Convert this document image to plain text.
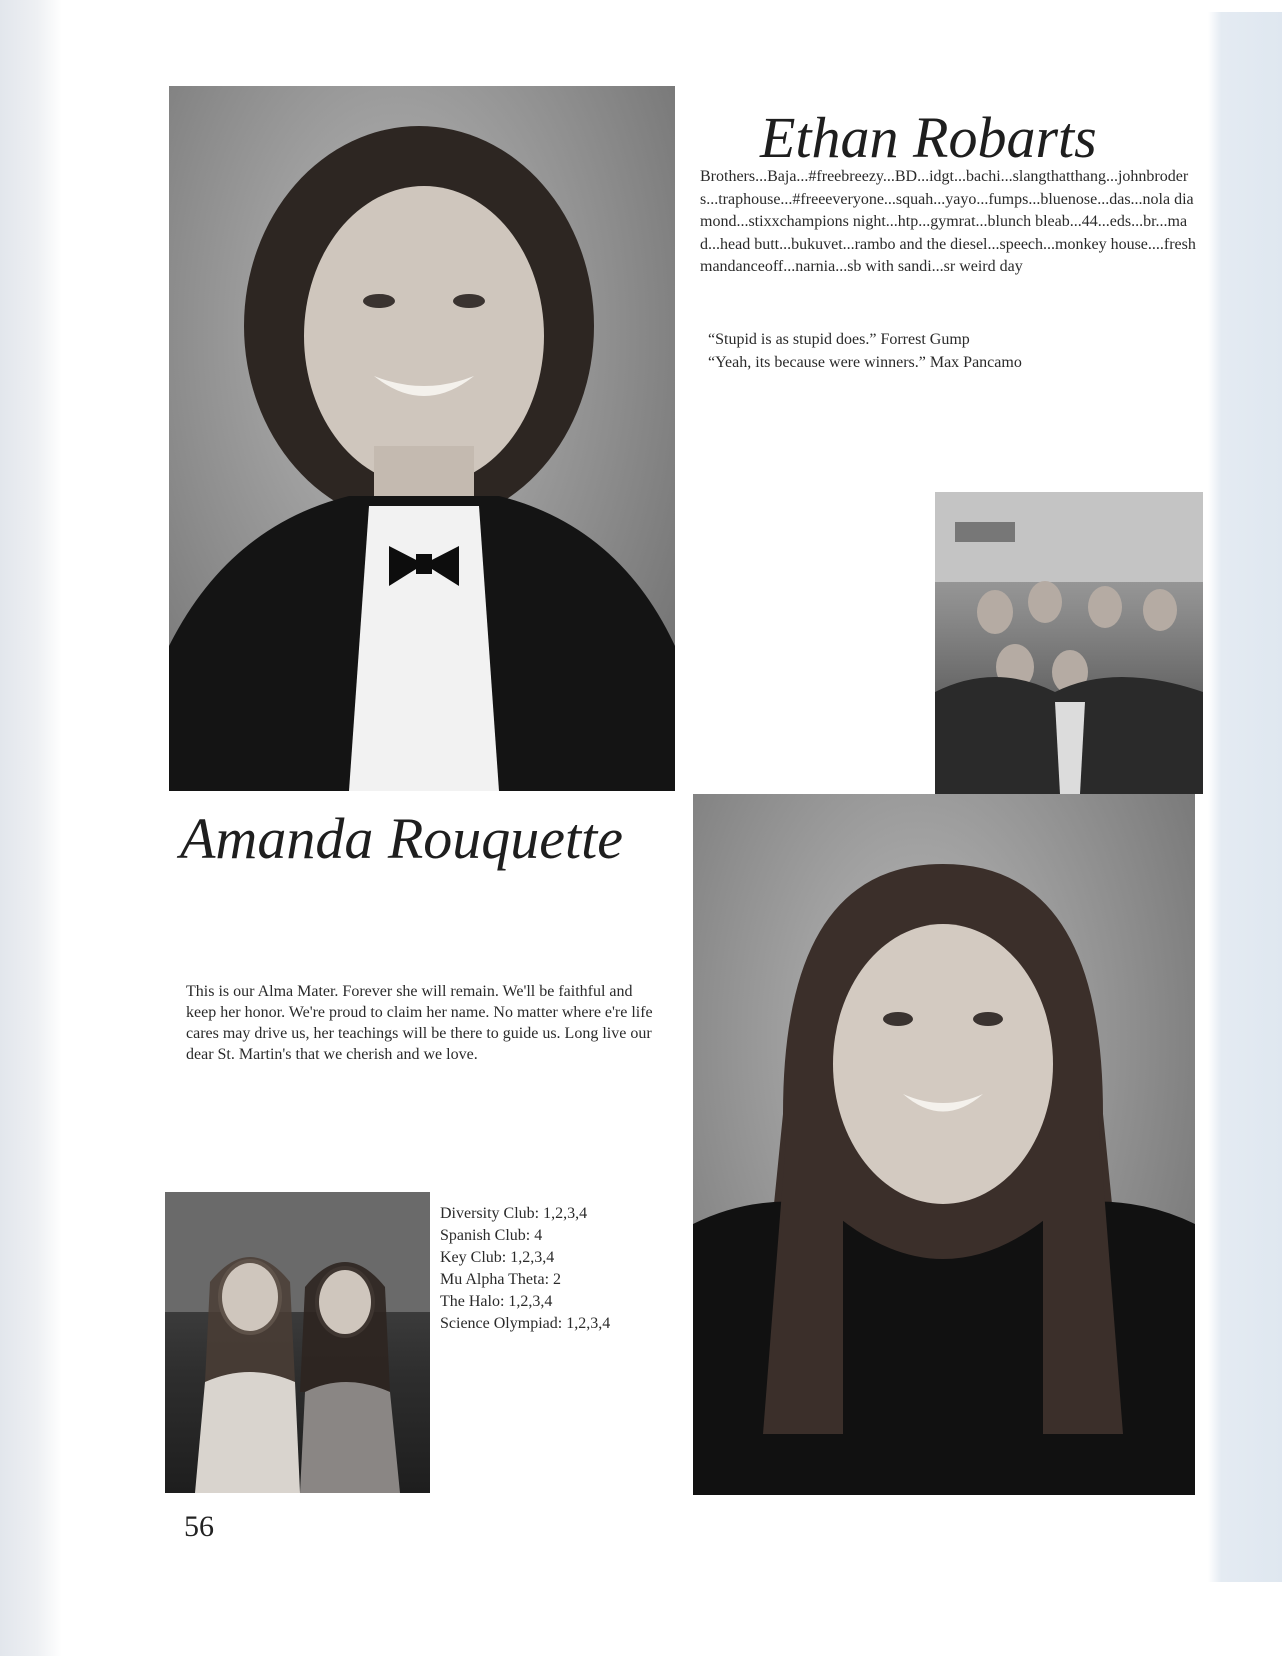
Ethan Robarts

Brothers...Baja...#freebreezy...BD...idgt...bachi...slangthatthang...johnbroders...traphouse...#freeeveryone...squah...yayo...fumps...bluenose...das...nola diamond...stixxchampions night...htp...gymrat...blunch bleab...44...eds...br...mad...head butt...bukuvet...rambo and the diesel...speech...monkey house....freshmandanceoff...narnia...sb with sandi...sr weird day

“Stupid is as stupid does.” Forrest Gump

“Yeah, its because were winners.” Max Pancamo

Amanda Rouquette

This is our Alma Mater. Forever she will remain. We'll be faithful and keep her honor. We're proud to claim her name. No matter where e're life cares may drive us, her teachings will be there to guide us. Long live our dear St. Martin's that we cherish and we love.

Diversity Club: 1,2,3,4
Spanish Club: 4
Key Club: 1,2,3,4
Mu Alpha Theta: 2
The Halo: 1,2,3,4
Science Olympiad: 1,2,3,4
56
